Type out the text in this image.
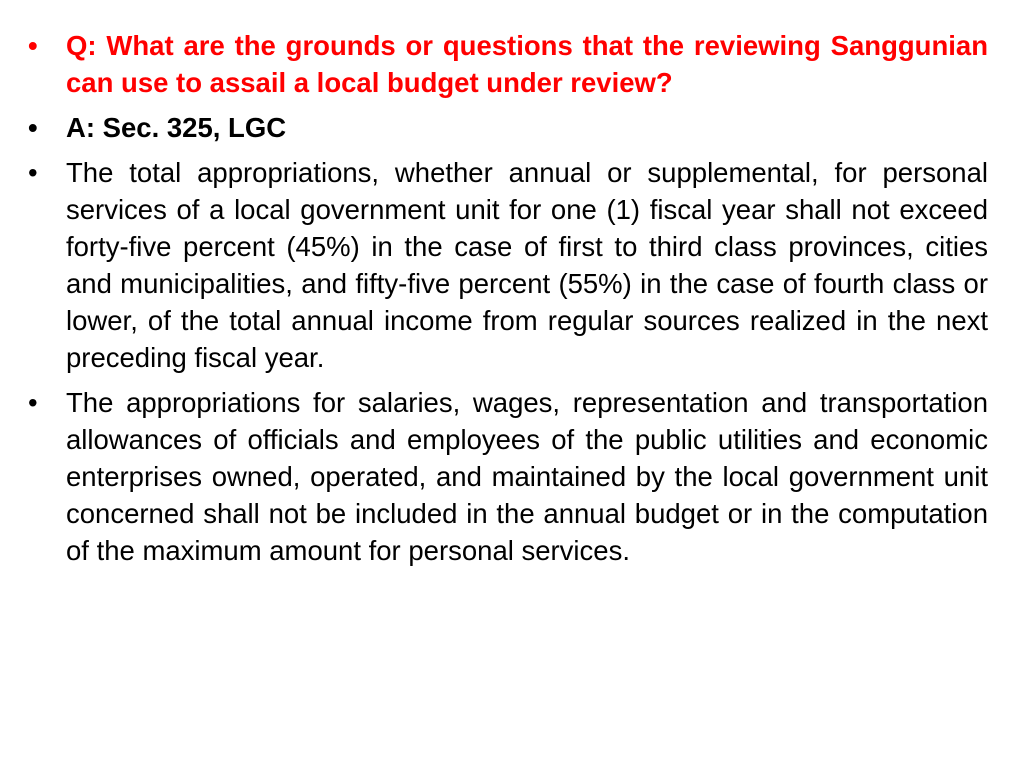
• Q: What are the grounds or questions that the reviewing Sanggunian can use to assail a local budget under review?
• A: Sec. 325, LGC
• The total appropriations, whether annual or supplemental, for personal services of a local government unit for one (1) fiscal year shall not exceed forty-five percent (45%) in the case of first to third class provinces, cities and municipalities, and fifty-five percent (55%) in the case of fourth class or lower, of the total annual income from regular sources realized in the next preceding fiscal year.
• The appropriations for salaries, wages, representation and transportation allowances of officials and employees of the public utilities and economic enterprises owned, operated, and maintained by the local government unit concerned shall not be included in the annual budget or in the computation of the maximum amount for personal services.
